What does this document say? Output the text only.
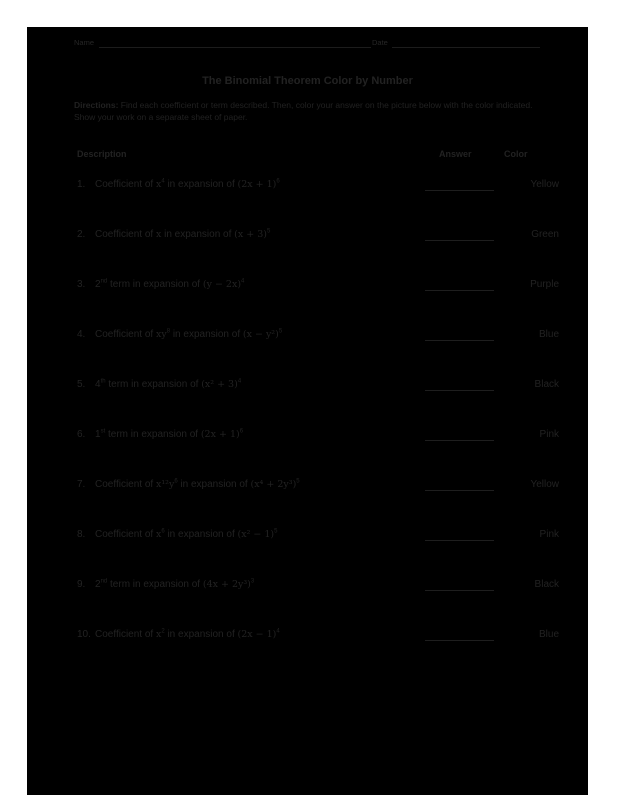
Name	Date
The Binomial Theorem Color by Number
Directions: Find each coefficient or term described. Then, color your answer on the picture below with the color indicated. Show your work on a separate sheet of paper.
Description	Answer	Color
1. Coefficient of $x^4$ in expansion of $(2x + 1)^6$	Yellow
2. Coefficient of x in expansion of $(x + 3)^5$	Green
3. 2nd term in expansion of $(y - 2x)^4$	Purple
4. Coefficient of $xy^8$ in expansion of $(x - y^2)^5$	Blue
5. 4th term in expansion of $(x^2 + 3)^4$	Black
6. 1st term in expansion of $(2x + 1)^6$	Pink
7. Coefficient of $x^{12}y^6$ in expansion of $(x^4 + 2y^3)^5$	Yellow
8. Coefficient of $x^6$ in expansion of $(x^2 - 1)^5$	Pink
9. 2nd term in expansion of $(4x + 2y^3)^3$	Black
10. Coefficient of $x^2$ in expansion of $(2x - 1)^4$	Blue
